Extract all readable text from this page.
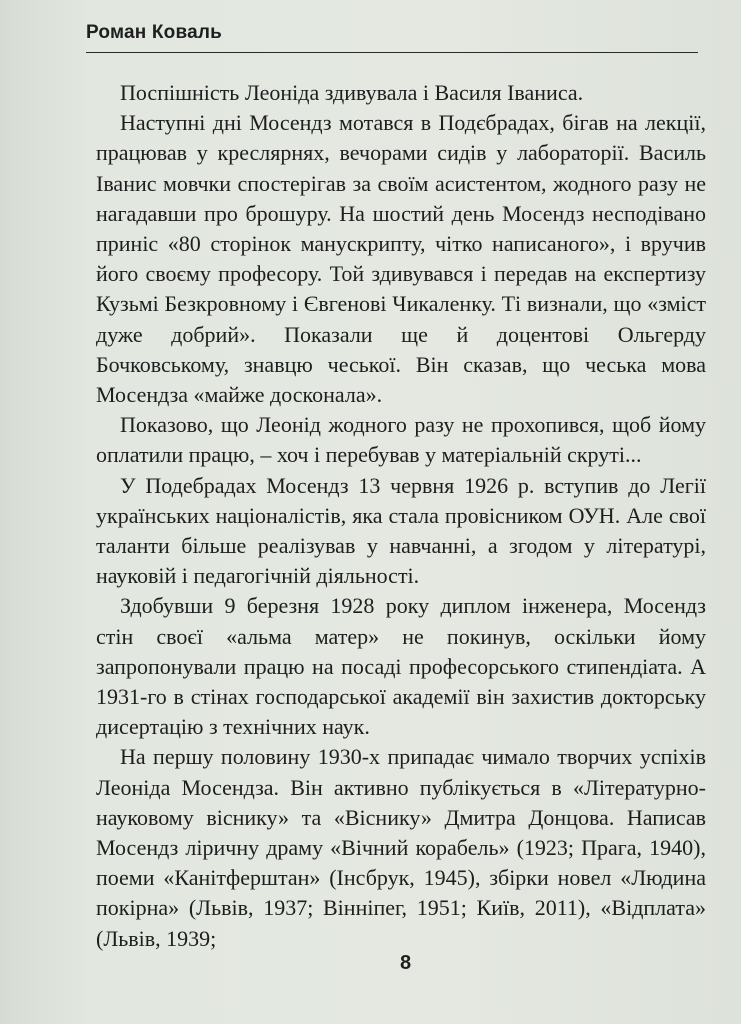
Роман Коваль

Поспішність Леоніда здивувала і Василя Іваниса.

Наступні дні Мосендз мотався в Подєбрадах, бігав на лекції, працював у креслярнях, вечорами сидів у лабораторії. Василь Іванис мовчки спостерігав за своїм асистентом, жодного разу не нагадавши про брошуру. На шостий день Мосендз несподівано приніс «80 сторінок манускрипту, чітко написаного», і вручив його своєму професору. Той здивувався і передав на експертизу Кузьмі Безкровному і Євгенові Чикаленку. Ті визнали, що «зміст дуже добрий». Показали ще й доцентові Ольгерду Бочковському, знавцю чеської. Він сказав, що чеська мова Мосендза «майже досконала».

Показово, що Леонід жодного разу не прохопився, щоб йому оплатили працю, – хоч і перебував у матеріальній скруті...

У Подебрадах Мосендз 13 червня 1926 р. вступив до Легії українських націоналістів, яка стала провісником ОУН. Але свої таланти більше реалізував у навчанні, а згодом у літературі, науковій і педагогічній діяльності.

Здобувши 9 березня 1928 року диплом інженера, Мосендз стін своєї «альма матер» не покинув, оскільки йому запропонували працю на посаді професорського стипендіата. А 1931-го в стінах господарської академії він захистив докторську дисертацію з технічних наук.

На першу половину 1930-х припадає чимало творчих успіхів Леоніда Мосендза. Він активно публікується в «Літературно-науковому віснику» та «Віснику» Дмитра Донцова. Написав Мосендз ліричну драму «Вічний корабель» (1923; Прага, 1940), поеми «Канітферштан» (Інсбрук, 1945), збірки новел «Людина покірна» (Львів, 1937; Вінніпег, 1951; Київ, 2011), «Відплата» (Львів, 1939;

8
